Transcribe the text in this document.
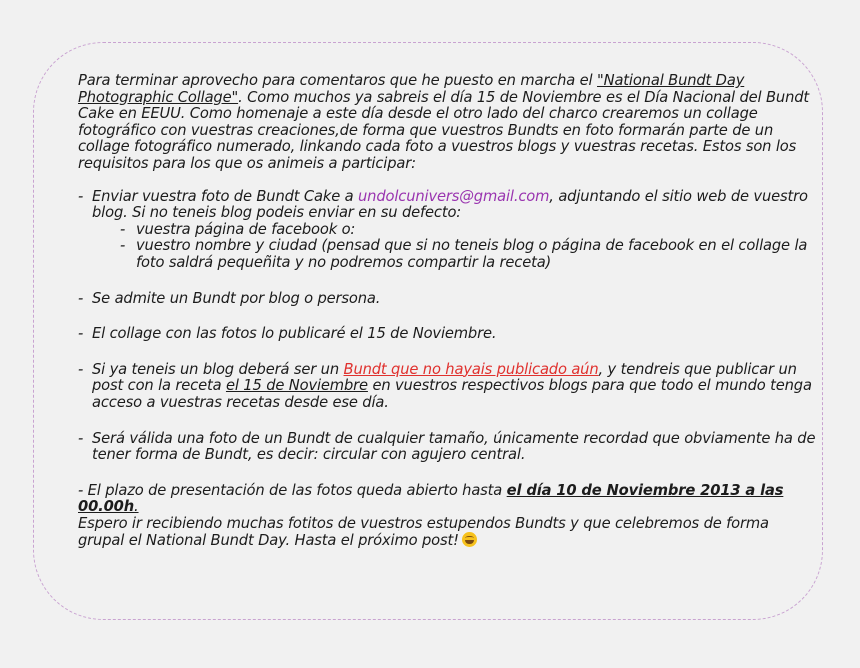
Para terminar aprovecho para comentaros que he puesto en marcha el "National Bundt Day Photographic Collage". Como muchos ya sabreis el día 15 de Noviembre es el Día Nacional del Bundt Cake en EEUU. Como homenaje a este día desde el otro lado del charco crearemos un collage fotográfico con vuestras creaciones,de forma que vuestros Bundts en foto formarán parte de un collage fotográfico numerado, linkando cada foto a vuestros blogs y vuestras recetas. Estos son los requisitos para los que os animeis a participar:

- Enviar vuestra foto de Bundt Cake a undolcunivers@gmail.com, adjuntando el sitio web de vuestro blog. Si no teneis blog podeis enviar en su defecto:

- vuestra página de facebook o:

- vuestro nombre y ciudad (pensad que si no teneis blog o página de facebook en el collage la foto saldrá pequeñita y no podremos compartir la receta)

- Se admite un Bundt por blog o persona.

- El collage con las fotos lo publicaré el 15 de Noviembre.

- Si ya teneis un blog deberá ser un Bundt que no hayais publicado aún, y tendreis que publicar un post con la receta el 15 de Noviembre en vuestros respectivos blogs para que todo el mundo tenga acceso a vuestras recetas desde ese día.

- Será válida una foto de un Bundt de cualquier tamaño, únicamente recordad que obviamente ha de tener forma de Bundt, es decir: circular con agujero central.

- El plazo de presentación de las fotos queda abierto hasta el día 10 de Noviembre 2013 a las 00.00h.

Espero ir recibiendo muchas fotitos de vuestros estupendos Bundts y que celebremos de forma grupal el National Bundt Day. Hasta el próximo post!
